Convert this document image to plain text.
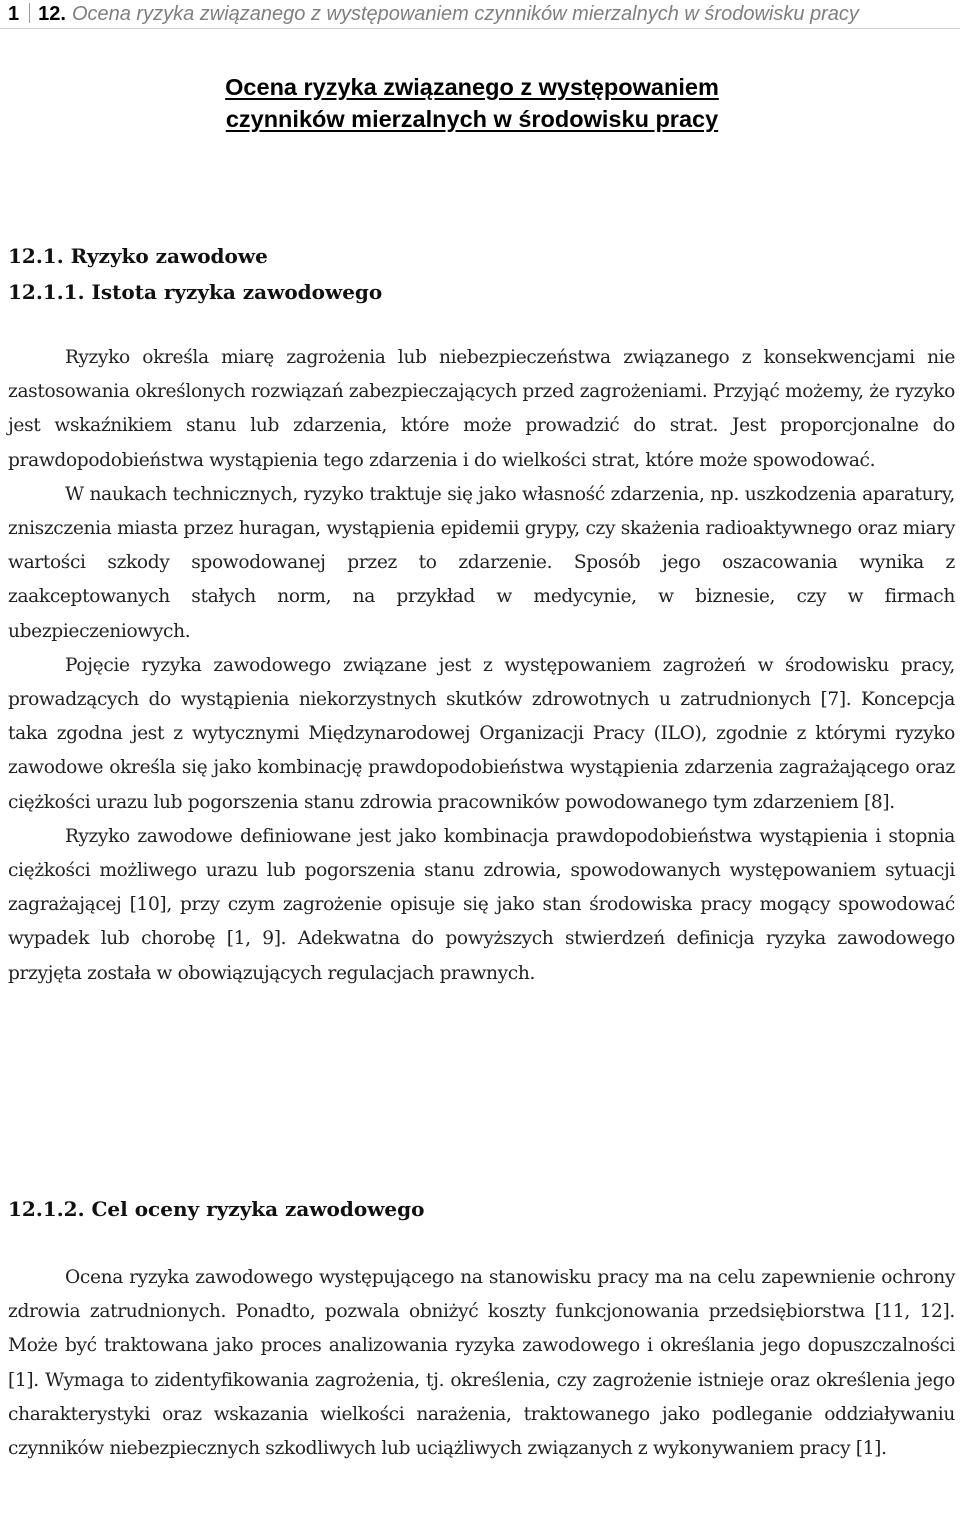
1 12. Ocena ryzyka związanego z występowaniem czynników mierzalnych w środowisku pracy
Ocena ryzyka związanego z występowaniem
czynników mierzalnych w środowisku pracy
12.1. Ryzyko zawodowe
12.1.1. Istota ryzyka zawodowego

Ryzyko określa miarę zagrożenia lub niebezpieczeństwa związanego z konsekwencjami nie zastosowania określonych rozwiązań zabezpieczających przed zagrożeniami. Przyjąć możemy, że ryzyko jest wskaźnikiem stanu lub zdarzenia, które może prowadzić do strat. Jest proporcjonalne do prawdopodobieństwa wystąpienia tego zdarzenia i do wielkości strat, które może spowodować.

W naukach technicznych, ryzyko traktuje się jako własność zdarzenia, np. uszkodzenia aparatury, zniszczenia miasta przez huragan, wystąpienia epidemii grypy, czy skażenia radioaktywnego oraz miary wartości szkody spowodowanej przez to zdarzenie. Sposób jego oszacowania wynika z zaakceptowanych stałych norm, na przykład w medycynie, w biznesie, czy w firmach ubezpieczeniowych.

Pojęcie ryzyka zawodowego związane jest z występowaniem zagrożeń w środowisku pracy, prowadzących do wystąpienia niekorzystnych skutków zdrowotnych u zatrudnionych [7]. Koncepcja taka zgodna jest z wytycznymi Międzynarodowej Organizacji Pracy (ILO), zgodnie z którymi ryzyko zawodowe określa się jako kombinację prawdopodobieństwa wystąpienia zdarzenia zagrażającego oraz ciężkości urazu lub pogorszenia stanu zdrowia pracowników powodowanego tym zdarzeniem [8].

Ryzyko zawodowe definiowane jest jako kombinacja prawdopodobieństwa wystąpienia i stopnia ciężkości możliwego urazu lub pogorszenia stanu zdrowia, spowodowanych występowaniem sytuacji zagrażającej [10], przy czym zagrożenie opisuje się jako stan środowiska pracy mogący spowodować wypadek lub chorobę [1, 9]. Adekwatna do powyższych stwierdzeń definicja ryzyka zawodowego przyjęta została w obowiązujących regulacjach prawnych.

12.1.2. Cel oceny ryzyka zawodowego

Ocena ryzyka zawodowego występującego na stanowisku pracy ma na celu zapewnienie ochrony zdrowia zatrudnionych. Ponadto, pozwala obniżyć koszty funkcjonowania przedsiębiorstwa [11, 12]. Może być traktowana jako proces analizowania ryzyka zawodowego i określania jego dopuszczalności [1]. Wymaga to zidentyfikowania zagrożenia, tj. określenia, czy zagrożenie istnieje oraz określenia jego charakterystyki oraz wskazania wielkości narażenia, traktowanego jako podleganie oddziaływaniu czynników niebezpiecznych szkodliwych lub uciążliwych związanych z wykonywaniem pracy [1].
